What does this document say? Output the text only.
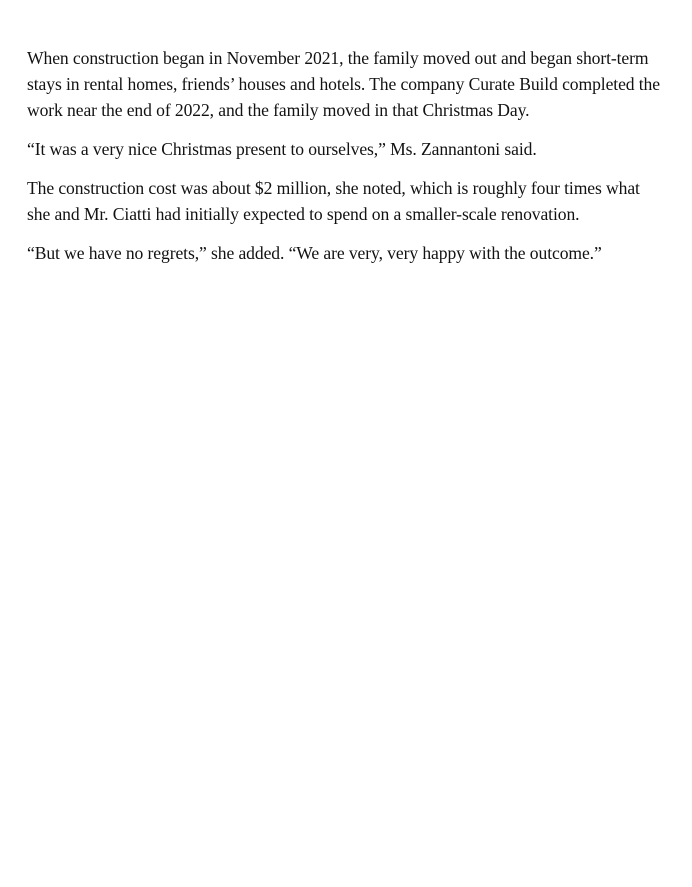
When construction began in November 2021, the family moved out and began short-term stays in rental homes, friends’ houses and hotels. The company Curate Build completed the work near the end of 2022, and the family moved in that Christmas Day.

“It was a very nice Christmas present to ourselves,” Ms. Zannantoni said.

The construction cost was about $2 million, she noted, which is roughly four times what she and Mr. Ciatti had initially expected to spend on a smaller-scale renovation.

“But we have no regrets,” she added. “We are very, very happy with the outcome.”
